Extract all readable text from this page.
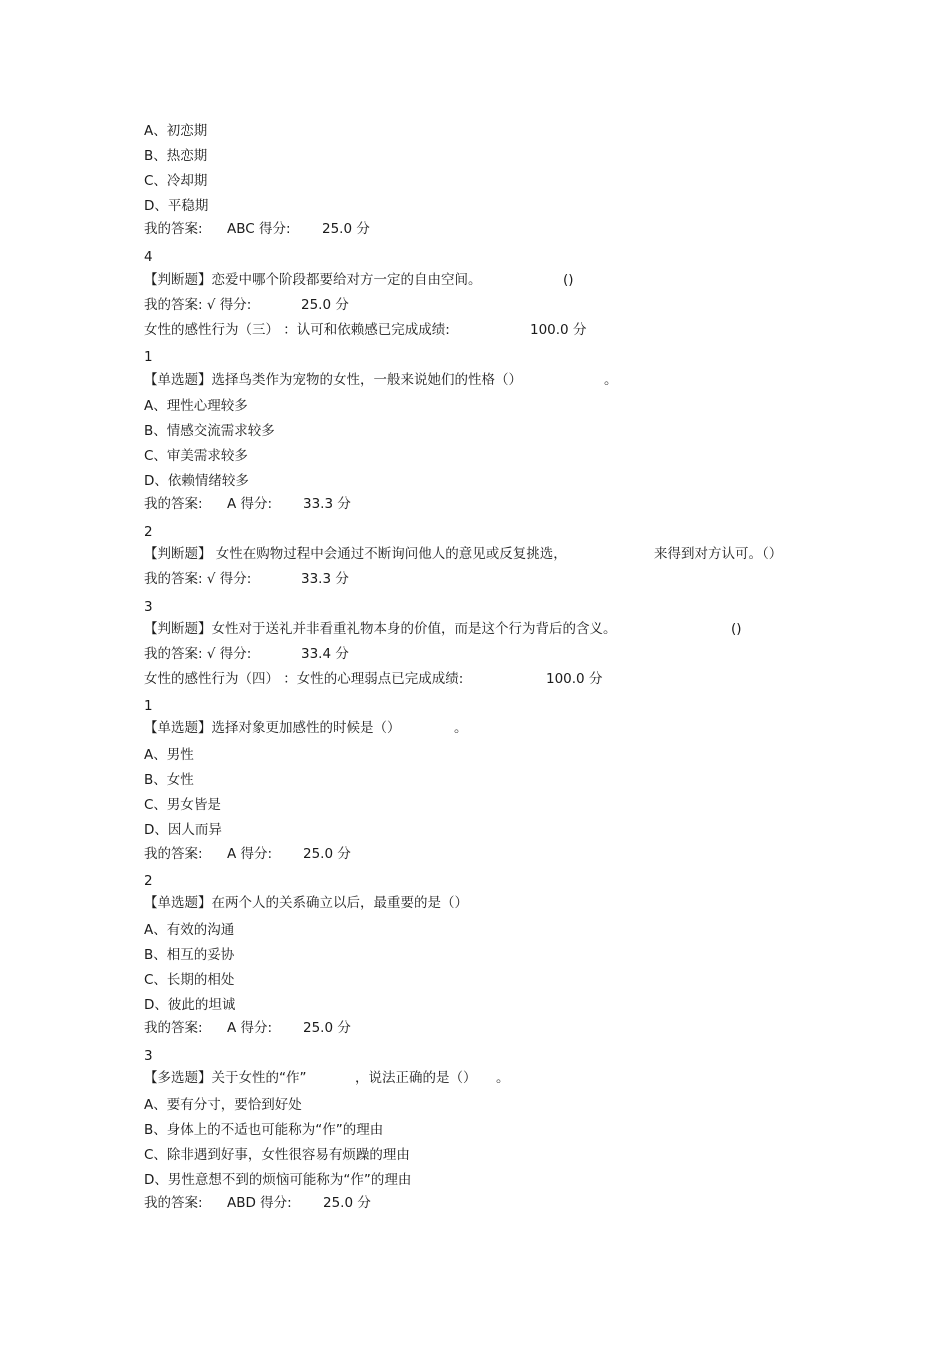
A、初恋期
B、热恋期
C、冷却期
D、平稳期
我的答案: ABC 得分: 25.0 分
4
【判断题】恋爱中哪个阶段都要给对方一定的自由空间。	()
我的答案: √ 得分:	25.0 分
女性的感性行为（三） ：认可和依赖感已完成成绩:	100.0 分
1
【单选题】选择鸟类作为宠物的女性，一般来说她们的性格（）	。
A、理性心理较多
B、情感交流需求较多
C、审美需求较多
D、依赖情绪较多
我的答案: A 得分: 33.3 分
2
【判断题】 女性在购物过程中会通过不断询问他人的意见或反复挑选，	来得到对方认可。（）
我的答案: √ 得分:	33.3 分
3
【判断题】女性对于送礼并非看重礼物本身的价值，而是这个行为背后的含义。	()
我的答案: √ 得分:	33.4 分
女性的感性行为（四） ：女性的心理弱点已完成成绩:	100.0 分
1
【单选题】选择对象更加感性的时候是（）	。
A、男性
B、女性
C、男女皆是
D、因人而异
我的答案: A 得分: 25.0 分
2
【单选题】在两个人的关系确立以后，最重要的是（）
A、有效的沟通
B、相互的妥协
C、长期的相处
D、彼此的坦诚
我的答案: A 得分: 25.0 分
3
【多选题】关于女性的“作”	，说法正确的是（） 。
A、要有分寸，要恰到好处
B、身体上的不适也可能称为“作”的理由
C、除非遇到好事，女性很容易有烦躁的理由
D、男性意想不到的烦恼可能称为“作”的理由
我的答案: ABD 得分: 25.0 分
